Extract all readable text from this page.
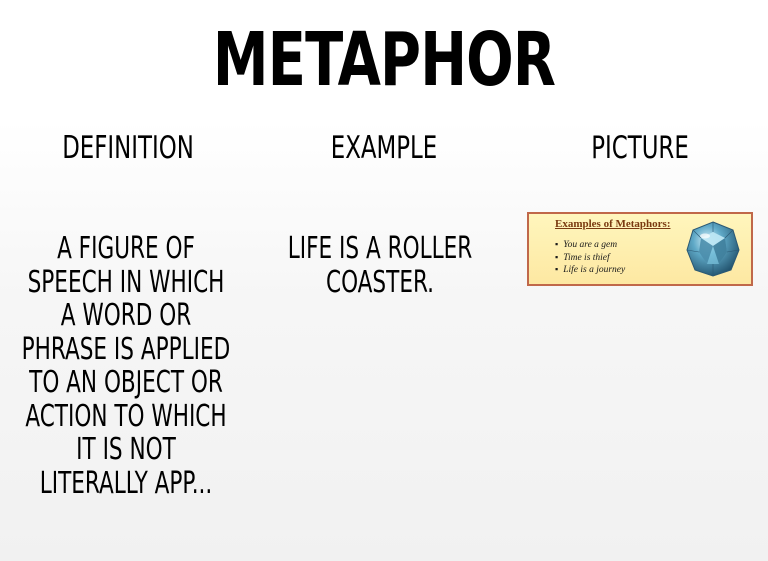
METAPHOR
DEFINITION	EXAMPLE	PICTURE
A FIGURE OF
SPEECH IN WHICH
A WORD OR
PHRASE IS APPLIED
TO AN OBJECT OR
ACTION TO WHICH
IT IS NOT
LITERALLY APP...
LIFE IS A ROLLER
COASTER.
Examples of Metaphors:
▪ You are a gem
▪ Time is thief
▪ Life is a journey
